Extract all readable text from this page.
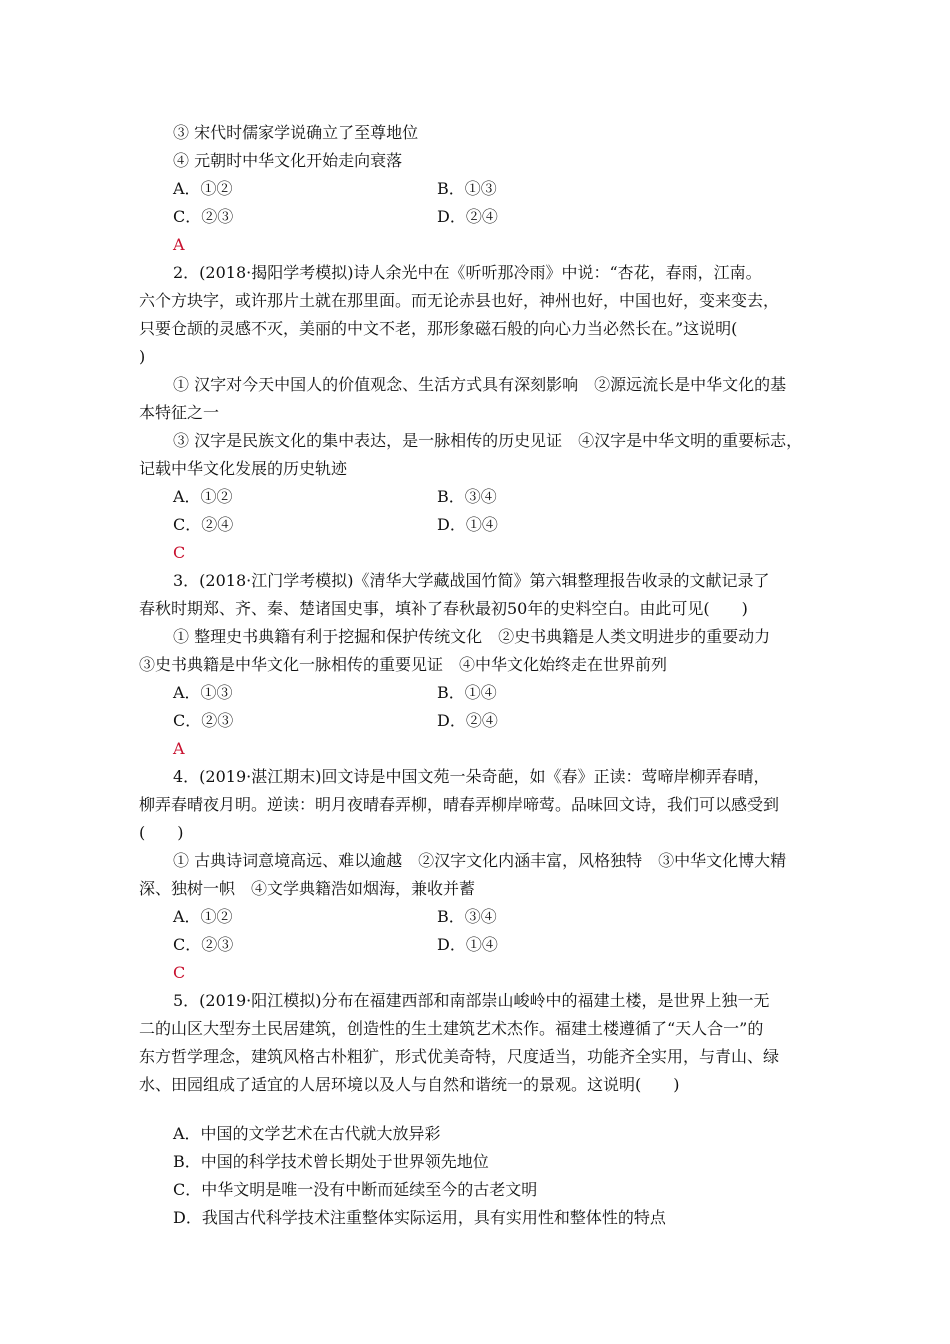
③ 宋代时儒家学说确立了至尊地位
④ 元朝时中华文化开始走向衰落
A．①②	B．①③
C．②③	D．②④
A
2．(2018·揭阳学考模拟)诗人余光中在《听听那冷雨》中说：“杏花，春雨，江南。
六个方块字，或许那片土就在那里面。而无论赤县也好，神州也好，中国也好，变来变去，
只要仓颉的灵感不灭，美丽的中文不老，那形象磁石般的向心力当必然长在。”这说明(
)
① 汉字对今天中国人的价值观念、生活方式具有深刻影响　②源远流长是中华文化的基
本特征之一
③ 汉字是民族文化的集中表达，是一脉相传的历史见证　④汉字是中华文明的重要标志，
记载中华文化发展的历史轨迹
A．①②	B．③④
C．②④	D．①④
C
3．(2018·江门学考模拟)《清华大学藏战国竹简》第六辑整理报告收录的文献记录了
春秋时期郑、齐、秦、楚诸国史事，填补了春秋最初50年的史料空白。由此可见(　　)
① 整理史书典籍有利于挖掘和保护传统文化　②史书典籍是人类文明进步的重要动力
③史书典籍是中华文化一脉相传的重要见证　④中华文化始终走在世界前列
A．①③	B．①④
C．②③	D．②④
A
4．(2019·湛江期末)回文诗是中国文苑一朵奇葩，如《春》正读：莺啼岸柳弄春晴，
柳弄春晴夜月明。逆读：明月夜晴春弄柳，晴春弄柳岸啼莺。品味回文诗，我们可以感受到
(　　)
① 古典诗词意境高远、难以逾越　②汉字文化内涵丰富，风格独特　③中华文化博大精
深、独树一帜　④文学典籍浩如烟海，兼收并蓄
A．①②	B．③④
C．②③	D．①④
C
5．(2019·阳江模拟)分布在福建西部和南部崇山峻岭中的福建土楼，是世界上独一无
二的山区大型夯土民居建筑，创造性的生土建筑艺术杰作。福建土楼遵循了“天人合一”的
东方哲学理念，建筑风格古朴粗犷，形式优美奇特，尺度适当，功能齐全实用，与青山、绿
水、田园组成了适宜的人居环境以及人与自然和谐统一的景观。这说明(　　)
A．中国的文学艺术在古代就大放异彩
B．中国的科学技术曾长期处于世界领先地位
C．中华文明是唯一没有中断而延续至今的古老文明
D．我国古代科学技术注重整体实际运用，具有实用性和整体性的特点
